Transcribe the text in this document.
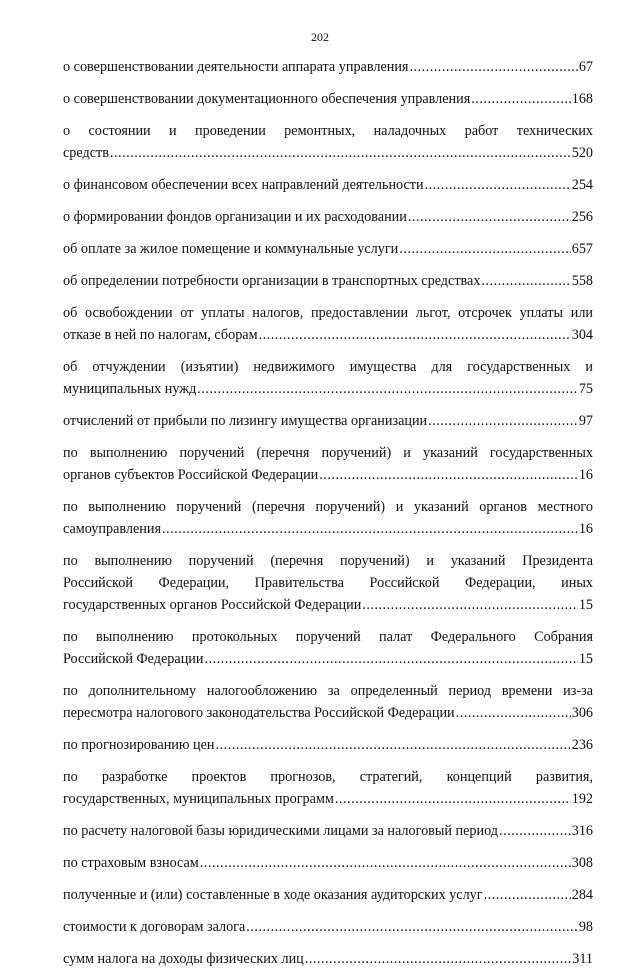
202
о совершенствовании деятельности аппарата управления .....	67
о совершенствовании документационного обеспечения управления .....	168
о состоянии и проведении ремонтных, наладочных работ технических
средств .....	520
о финансовом обеспечении всех направлений деятельности .....	254
о формировании фондов организации и их расходовании .....	256
об оплате за жилое помещение и коммунальные услуги .....	657
об определении потребности организации в транспортных средствах .....	558
об освобождении от уплаты налогов, предоставлении льгот, отсрочек уплаты или
отказе в ней по налогам, сборам .....	304
об отчуждении (изъятии) недвижимого имущества для государственных и
муниципальных нужд .....	75
отчислений от прибыли по лизингу имущества организации .....	97
по выполнению поручений (перечня поручений) и указаний государственных
органов субъектов Российской Федерации .....	16
по выполнению поручений (перечня поручений) и указаний органов местного
самоуправления .....	16
по выполнению поручений (перечня поручений) и указаний Президента
Российской Федерации, Правительства Российской Федерации, иных
государственных органов Российской Федерации .....	15
по выполнению протокольных поручений палат Федерального Собрания
Российской Федерации .....	15
по дополнительному налогообложению за определенный период времени из-за
пересмотра налогового законодательства Российской Федерации .....	306
по прогнозированию цен .....	236
по разработке проектов прогнозов, стратегий, концепций развития,
государственных, муниципальных программ .....	192
по расчету налоговой базы юридическими лицами за налоговый период .....	316
по страховым взносам .....	308
полученные и (или) составленные в ходе оказания аудиторских услуг .....	284
стоимости к договорам залога .....	98
сумм налога на доходы физических лиц .....	311
